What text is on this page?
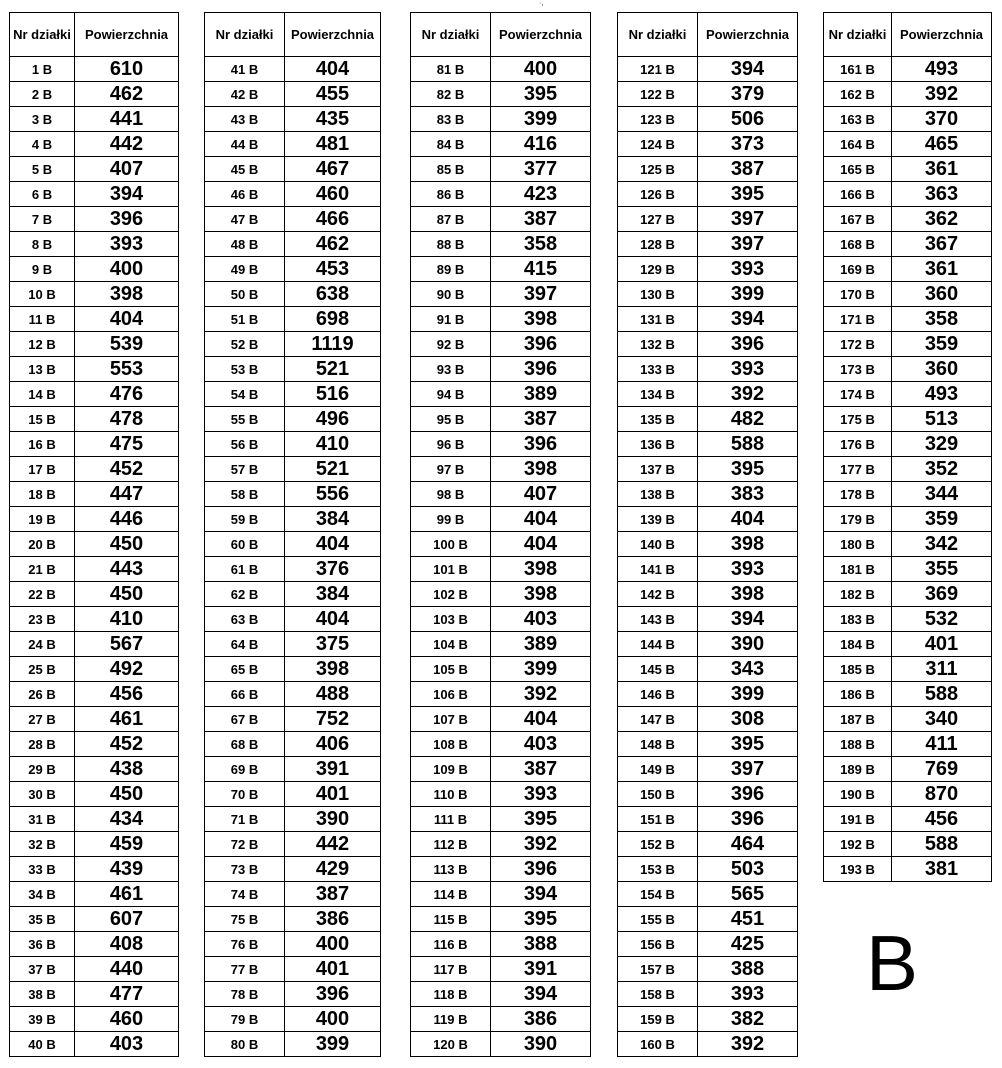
·,
Nr działki	Powierzchnia
1 B	610
2 B	462
3 B	441
4 B	442
5 B	407
6 B	394
7 B	396
8 B	393
9 B	400
10 B	398
11 B	404
12 B	539
13 B	553
14 B	476
15 B	478
16 B	475
17 B	452
18 B	447
19 B	446
20 B	450
21 B	443
22 B	450
23 B	410
24 B	567
25 B	492
26 B	456
27 B	461
28 B	452
29 B	438
30 B	450
31 B	434
32 B	459
33 B	439
34 B	461
35 B	607
36 B	408
37 B	440
38 B	477
39 B	460
40 B	403
Nr działki	Powierzchnia
41 B	404
42 B	455
43 B	435
44 B	481
45 B	467
46 B	460
47 B	466
48 B	462
49 B	453
50 B	638
51 B	698
52 B	1119
53 B	521
54 B	516
55 B	496
56 B	410
57 B	521
58 B	556
59 B	384
60 B	404
61 B	376
62 B	384
63 B	404
64 B	375
65 B	398
66 B	488
67 B	752
68 B	406
69 B	391
70 B	401
71 B	390
72 B	442
73 B	429
74 B	387
75 B	386
76 B	400
77 B	401
78 B	396
79 B	400
80 B	399
Nr działki	Powierzchnia
81 B	400
82 B	395
83 B	399
84 B	416
85 B	377
86 B	423
87 B	387
88 B	358
89 B	415
90 B	397
91 B	398
92 B	396
93 B	396
94 B	389
95 B	387
96 B	396
97 B	398
98 B	407
99 B	404
100 B	404
101 B	398
102 B	398
103 B	403
104 B	389
105 B	399
106 B	392
107 B	404
108 B	403
109 B	387
110 B	393
111 B	395
112 B	392
113 B	396
114 B	394
115 B	395
116 B	388
117 B	391
118 B	394
119 B	386
120 B	390
Nr działki	Powierzchnia
121 B	394
122 B	379
123 B	506
124 B	373
125 B	387
126 B	395
127 B	397
128 B	397
129 B	393
130 B	399
131 B	394
132 B	396
133 B	393
134 B	392
135 B	482
136 B	588
137 B	395
138 B	383
139 B	404
140 B	398
141 B	393
142 B	398
143 B	394
144 B	390
145 B	343
146 B	399
147 B	308
148 B	395
149 B	397
150 B	396
151 B	396
152 B	464
153 B	503
154 B	565
155 B	451
156 B	425
157 B	388
158 B	393
159 B	382
160 B	392
Nr działki	Powierzchnia
161 B	493
162 B	392
163 B	370
164 B	465
165 B	361
166 B	363
167 B	362
168 B	367
169 B	361
170 B	360
171 B	358
172 B	359
173 B	360
174 B	493
175 B	513
176 B	329
177 B	352
178 B	344
179 B	359
180 B	342
181 B	355
182 B	369
183 B	532
184 B	401
185 B	311
186 B	588
187 B	340
188 B	411
189 B	769
190 B	870
191 B	456
192 B	588
193 B	381
B
